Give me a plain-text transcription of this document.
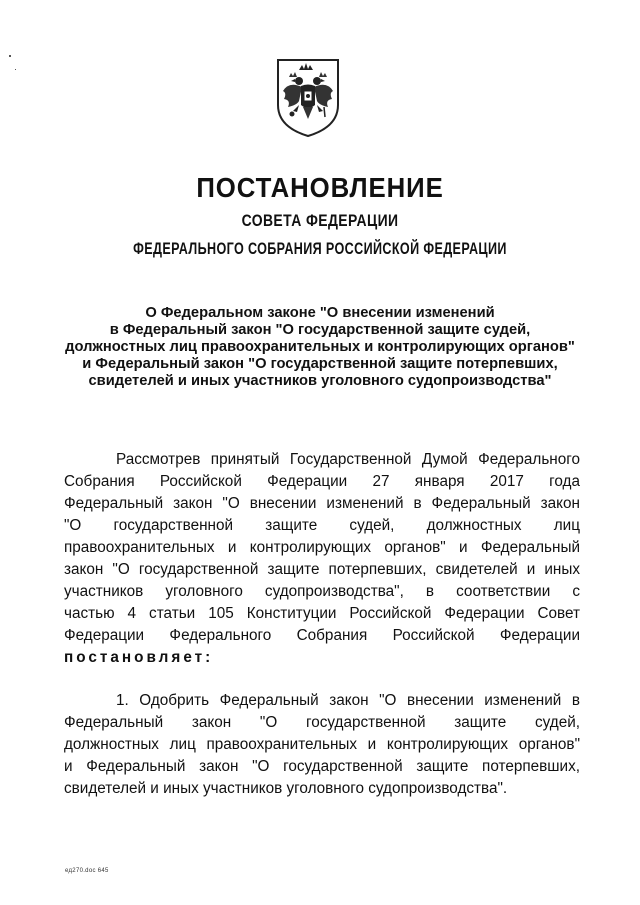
ПОСТАНОВЛЕНИЕ
СОВЕТА ФЕДЕРАЦИИ
ФЕДЕРАЛЬНОГО СОБРАНИЯ РОССИЙСКОЙ ФЕДЕРАЦИИ
О Федеральном законе "О внесении изменений
в Федеральный закон "О государственной защите судей,
должностных лиц правоохранительных и контролирующих органов"
и Федеральный закон "О государственной защите потерпевших,
свидетелей и иных участников уголовного судопроизводства"
Рассмотрев принятый Государственной Думой Федерального
Собрания Российской Федерации 27 января 2017 года
Федеральный закон "О внесении изменений в Федеральный закон
"О государственной защите судей, должностных лиц
правоохранительных и контролирующих органов" и Федеральный
закон "О государственной защите потерпевших, свидетелей и иных
участников уголовного судопроизводства", в соответствии с
частью 4 статьи 105 Конституции Российской Федерации Совет
Федерации Федерального Собрания Российской Федерации
постановляет:
1. Одобрить Федеральный закон "О внесении изменений в
Федеральный закон "О государственной защите судей,
должностных лиц правоохранительных и контролирующих органов"
и Федеральный закон "О государственной защите потерпевших,
свидетелей и иных участников уголовного судопроизводства".
ед270.doc 645
